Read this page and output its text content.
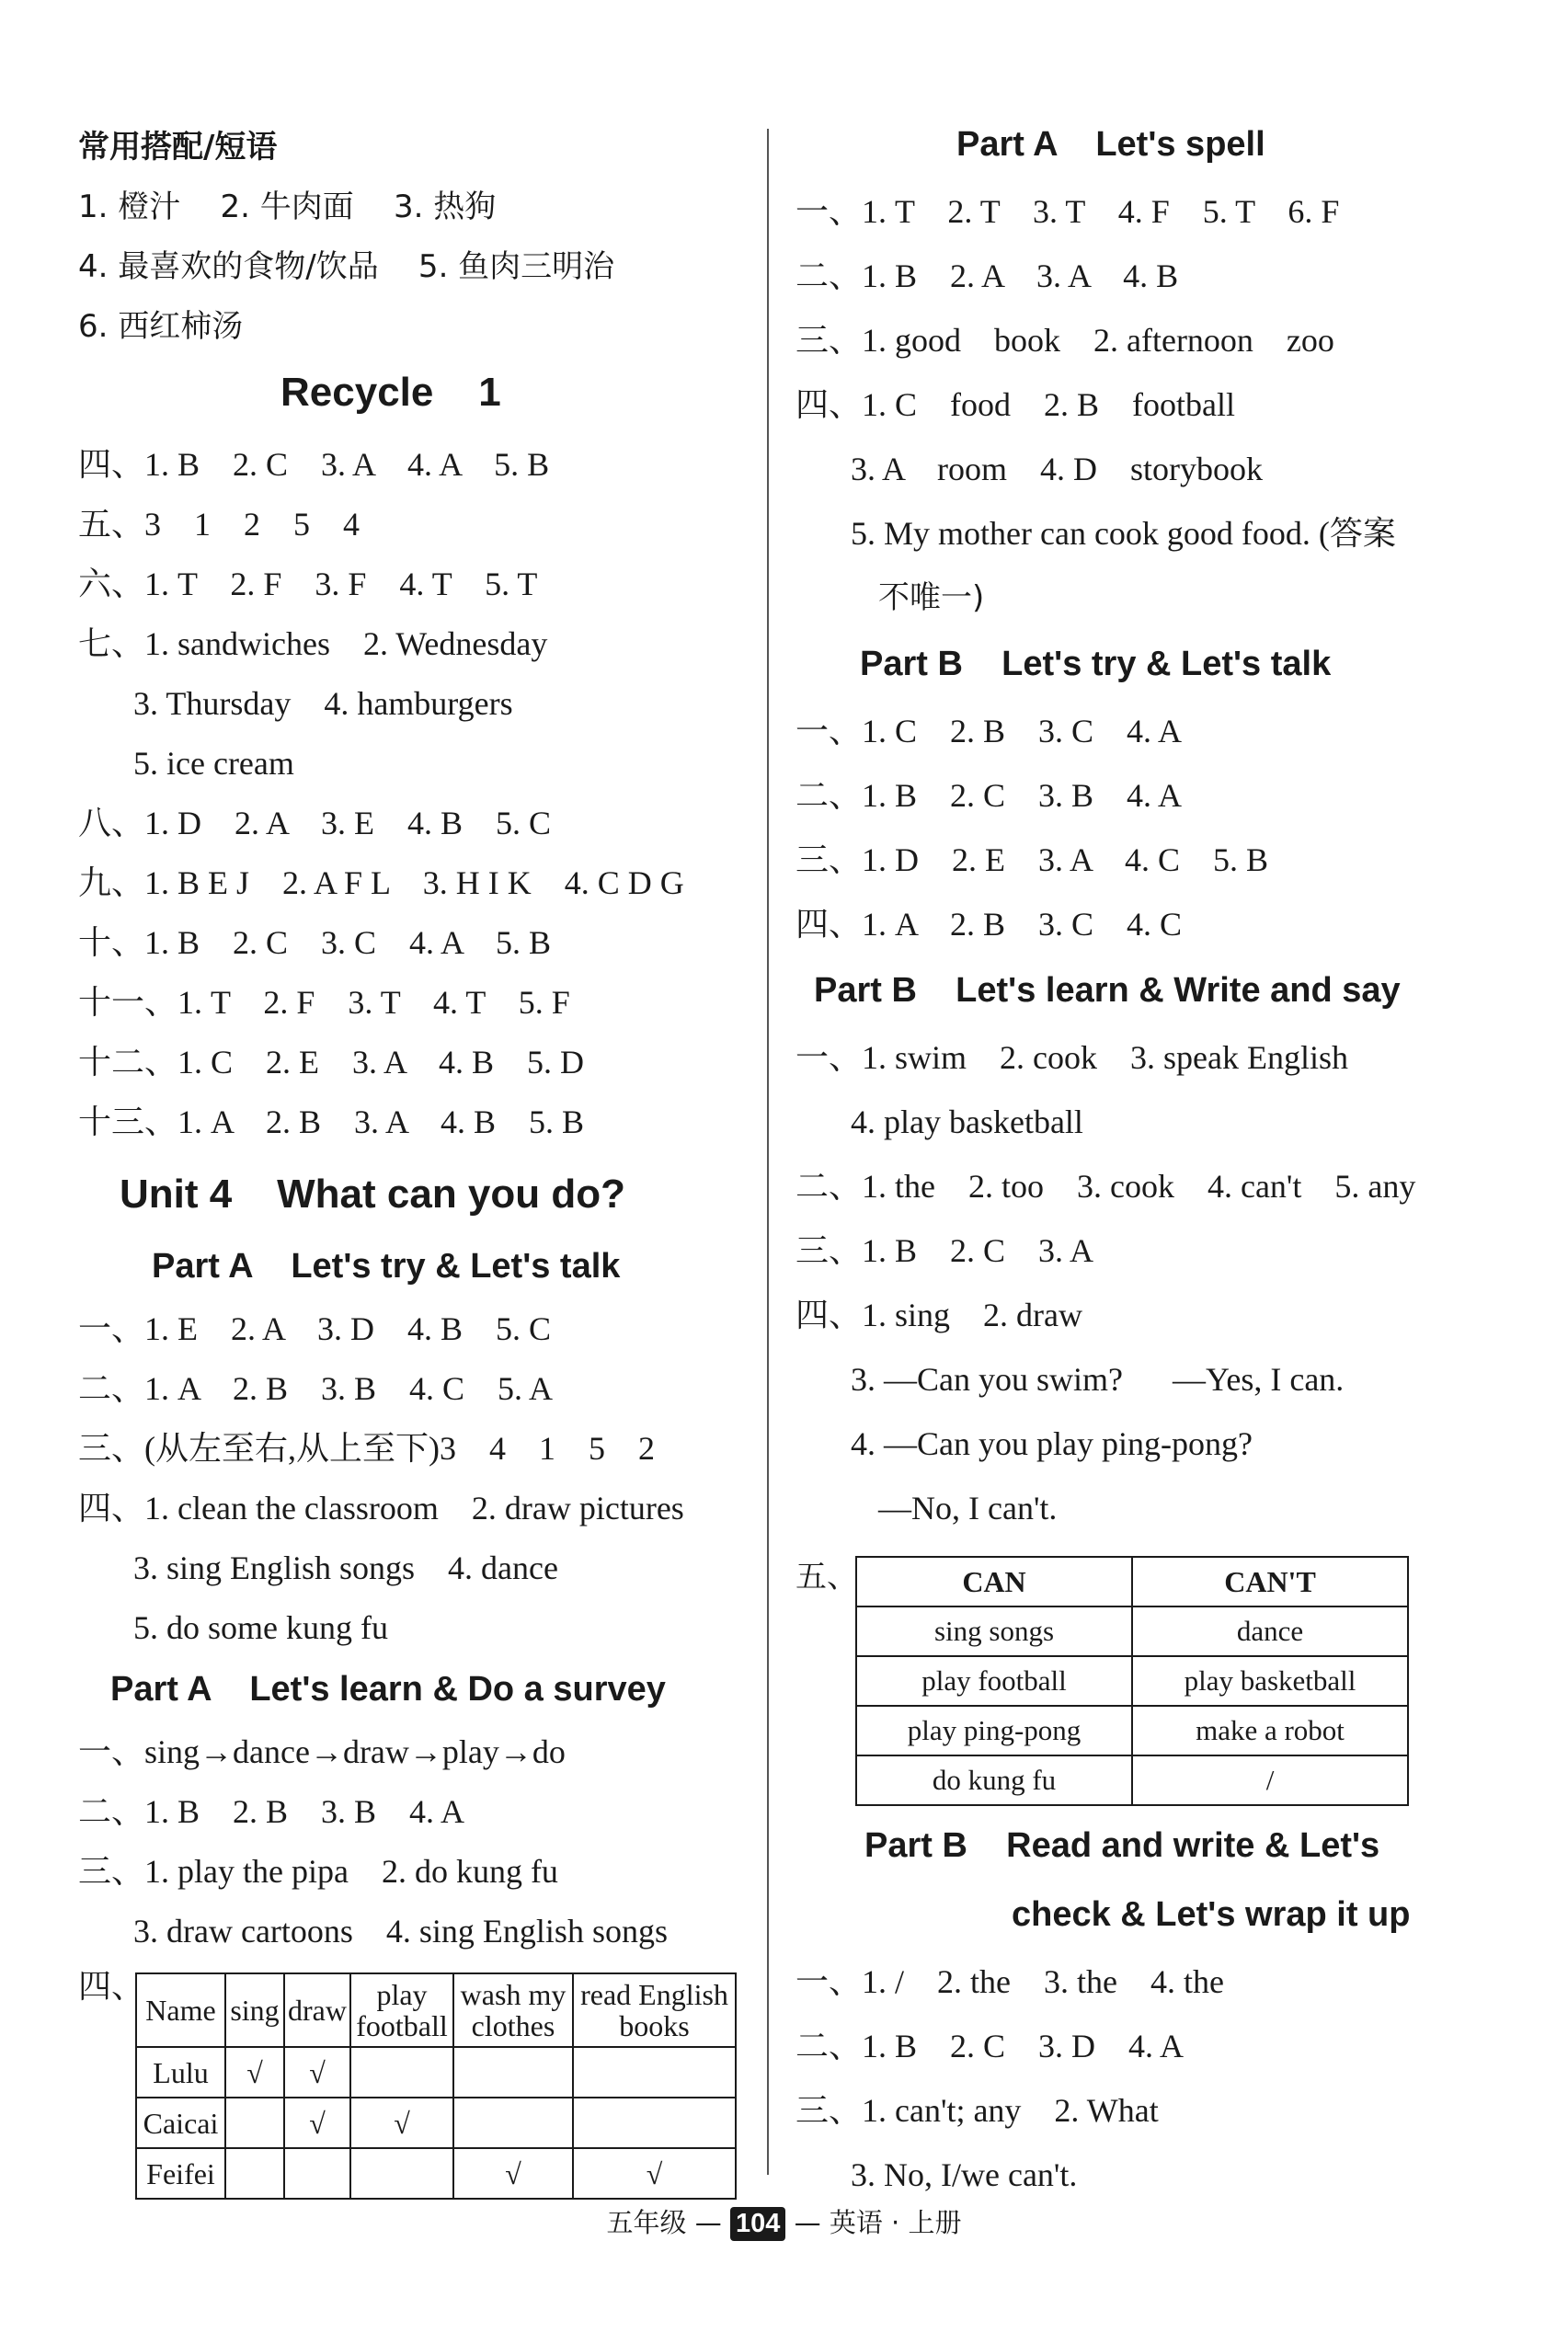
常用搭配/短语
1. 橙汁    2. 牛肉面    3. 热狗
4. 最喜欢的食物/饮品    5. 鱼肉三明治
6. 西红柿汤
Recycle    1
四、1. B    2. C    3. A    4. A    5. B
五、3    1    2    5    4
六、1. T    2. F    3. F    4. T    5. T
七、1. sandwiches    2. Wednesday
3. Thursday    4. hamburgers
5. ice cream
八、1. D    2. A    3. E    4. B    5. C
九、1. B E J    2. A F L    3. H I K    4. C D G
十、1. B    2. C    3. C    4. A    5. B
十一、1. T    2. F    3. T    4. T    5. F
十二、1. C    2. E    3. A    4. B    5. D
十三、1. A    2. B    3. A    4. B    5. B
Unit 4    What can you do?
Part A    Let's try & Let's talk
一、1. E    2. A    3. D    4. B    5. C
二、1. A    2. B    3. B    4. C    5. A
三、(从左至右,从上至下)3    4    1    5    2
四、1. clean the classroom    2. draw pictures
3. sing English songs    4. dance
5. do some kung fu
Part A    Let's learn & Do a survey
一、sing→dance→draw→play→do
二、1. B    2. B    3. B    4. A
三、1. play the pipa    2. do kung fu
3. draw cartoons    4. sing English songs
四、
Name	sing	draw	play football	wash my clothes	read English books
Lulu	√	√			
Caicai		√	√		
Feifei				√	√
Part A    Let's spell
一、1. T    2. T    3. T    4. F    5. T    6. F
二、1. B    2. A    3. A    4. B
三、1. good    book    2. afternoon    zoo
四、1. C    food    2. B    football
3. A    room    4. D    storybook
5. My mother can cook good food. (答案
不唯一)
Part B    Let's try & Let's talk
一、1. C    2. B    3. C    4. A
二、1. B    2. C    3. B    4. A
三、1. D    2. E    3. A    4. C    5. B
四、1. A    2. B    3. C    4. C
Part B    Let's learn & Write and say
一、1. swim    2. cook    3. speak English
4. play basketball
二、1. the    2. too    3. cook    4. can't    5. any
三、1. B    2. C    3. A
四、1. sing    2. draw
3. —Can you swim?      —Yes, I can.
4. —Can you play ping-pong?
—No, I can't.
五、	CAN	CAN'T
sing songs	dance
play football	play basketball
play ping-pong	make a robot
do kung fu	/
Part B    Read and write & Let's
check & Let's wrap it up
一、1. /    2. the    3. the    4. the
二、1. B    2. C    3. D    4. A
三、1. can't; any    2. What
3. No, I/we can't.
五年级 — 104 — 英语 · 上册
